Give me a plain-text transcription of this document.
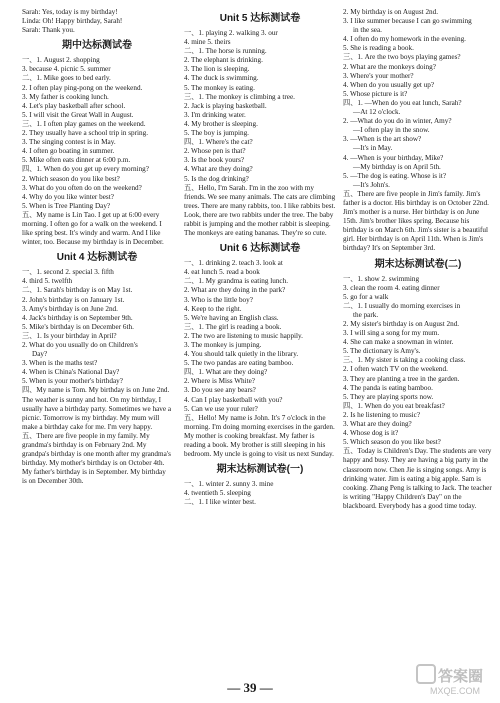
Sarah: Yes, today is my birthday!
Linda: Oh! Happy birthday, Sarah!
Sarah: Thank you.
期中达标测试卷
一、1. August 2. shopping
3. because 4. picnic 5. summer
二、1. Mike goes to bed early.
2. I often play ping-pong on the weekend.
3. My father is cooking lunch.
4. Let's play basketball after school.
5. I will visit the Great Wall in August.
三、1. I often play games on the weekend.
2. They usually have a school trip in spring.
3. The singing contest is in May.
4. I often go boating in summer.
5. Mike often eats dinner at 6:00 p.m.
四、1. When do you get up every morning?
2. Which season do you like best?
3. What do you often do on the weekend?
4. Why do you like winter best?
5. When is Tree Planting Day?
五、My name is Lin Tao. I get up at 6:00 every morning. I often go for a walk on the weekend. I like spring best. It's windy and warm. And I like winter, too. Because my birthday is in December.
Unit 4 达标测试卷
一、1. second 2. special 3. fifth
4. third 5. twelfth
二、1. Sarah's birthday is on May 1st.
2. John's birthday is on January 1st.
3. Amy's birthday is on June 2nd.
4. Jack's birthday is on September 9th.
5. Mike's birthday is on December 6th.
三、1. Is your birthday in April?
2. What do you usually do on Children's
Day?
3. When is the maths test?
4. When is China's National Day?
5. When is your mother's birthday?
四、My name is Tom. My birthday is on June 2nd. The weather is sunny and hot. On my birthday, I usually have a birthday party. Sometimes we have a picnic. Tomorrow is my birthday. My mum will make a birthday cake for me. I'm very happy.
五、There are five people in my family. My grandma's birthday is on February 2nd. My grandpa's birthday is one month after my grandma's birthday. My mother's birthday is on October 4th. My father's birthday is in September. My birthday is on December 30th.
Unit 5 达标测试卷
一、1. playing 2. walking 3. our
4. mine 5. theirs
二、1. The horse is running.
2. The elephant is drinking.
3. The lion is sleeping.
4. The duck is swimming.
5. The monkey is eating.
三、1. The monkey is climbing a tree.
2. Jack is playing basketball.
3. I'm drinking water.
4. My brother is sleeping.
5. The boy is jumping.
四、1. Where's the cat?
2. Whose pen is that?
3. Is the book yours?
4. What are they doing?
5. Is the dog drinking?
五、Hello, I'm Sarah. I'm in the zoo with my friends. We see many animals. The cats are climbing trees. There are many rabbits, too. I like rabbits best. Look, there are two rabbits under the tree. The baby rabbit is jumping and the mother rabbit is sleeping. The monkeys are eating bananas. They're so cute.
Unit 6 达标测试卷
一、1. drinking 2. teach 3. look at
4. eat lunch 5. read a book
二、1. My grandma is eating lunch.
2. What are they doing in the park?
3. Who is the little boy?
4. Keep to the right.
5. We're having an English class.
三、1. The girl is reading a book.
2. The two are listening to music happily.
3. The monkey is jumping.
4. You should talk quietly in the library.
5. The two pandas are eating bamboo.
四、1. What are they doing?
2. Where is Miss White?
3. Do you see any bears?
4. Can I play basketball with you?
5. Can we use your ruler?
五、Hello! My name is John. It's 7 o'clock in the morning. I'm doing morning exercises in the garden. My mother is cooking breakfast. My father is reading a book. My brother is still sleeping in his bedroom. My uncle is going to visit us next Sunday.
期末达标测试卷(一)
一、1. winter 2. sunny 3. mine
4. twentieth 5. sleeping
二、1. I like winter best.
2. My birthday is on August 2nd.
3. I like summer because I can go swimming
in the sea.
4. I often do my homework in the evening.
5. She is reading a book.
三、1. Are the two boys playing games?
2. What are the monkeys doing?
3. Where's your mother?
4. When do you usually get up?
5. Whose picture is it?
四、1. —When do you eat lunch, Sarah?
—At 12 o'clock.
2. —What do you do in winter, Amy?
—I often play in the snow.
3. —When is the art show?
—It's in May.
4. —When is your birthday, Mike?
—My birthday is on April 5th.
5. —The dog is eating. Whose is it?
—It's John's.
五、There are five people in Jim's family. Jim's father is a doctor. His birthday is on October 22nd. Jim's mother is a nurse. Her birthday is on June 15th. Jim's brother likes spring. Because his birthday is on March 6th. Jim's sister is a beautiful girl. Her birthday is on April 11th. When is Jim's birthday? It's on September 3rd.
期末达标测试卷(二)
一、1. show 2. swimming
3. clean the room 4. eating dinner
5. go for a walk
二、1. I usually do morning exercises in
the park.
2. My sister's birthday is on August 2nd.
3. I will sing a song for my mum.
4. She can make a snowman in winter.
5. The dictionary is Amy's.
三、1. My sister is taking a cooking class.
2. I often watch TV on the weekend.
3. They are planting a tree in the garden.
4. The panda is eating bamboo.
5. They are playing sports now.
四、1. When do you eat breakfast?
2. Is he listening to music?
3. What are they doing?
4. Whose dog is it?
5. Which season do you like best?
五、Today is Children's Day. The students are very happy and busy. They are having a big party in the classroom now. Chen Jie is singing songs. Amy is drinking water. Jim is eating a big apple. Sam is cooking. Zhang Peng is talking to Jack. The teacher is writing "Happy Children's Day" on the blackboard. Everybody has a good time today.
— 39 —
答案圈
MXQE.COM
